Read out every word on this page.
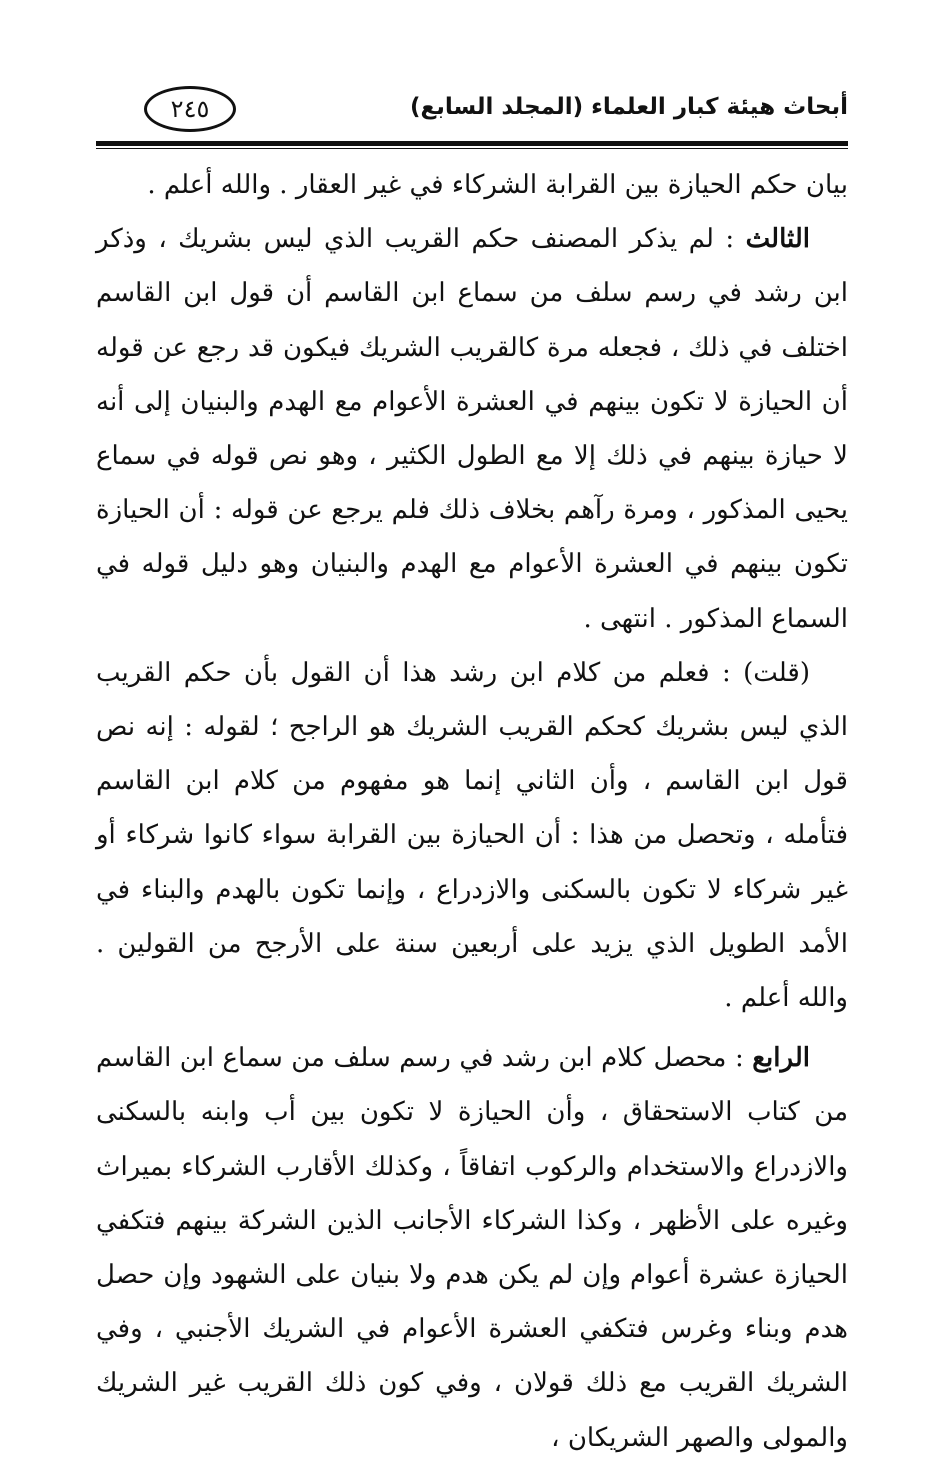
أبحاث هيئة كبار العلماء (المجلد السابع)
٢٤٥

بيان حكم الحيازة بين القرابة الشركاء في غير العقار . والله أعلم .

الثالث : لم يذكر المصنف حكم القريب الذي ليس بشريك ، وذكر ابن رشد في رسم سلف من سماع ابن القاسم أن قول ابن القاسم اختلف في ذلك ، فجعله مرة كالقريب الشريك فيكون قد رجع عن قوله أن الحيازة لا تكون بينهم في العشرة الأعوام مع الهدم والبنيان إلى أنه لا حيازة بينهم في ذلك إلا مع الطول الكثير ، وهو نص قوله في سماع يحيى المذكور ، ومرة رآهم بخلاف ذلك فلم يرجع عن قوله : أن الحيازة تكون بينهم في العشرة الأعوام مع الهدم والبنيان وهو دليل قوله في السماع المذكور . انتهى .

(قلت) : فعلم من كلام ابن رشد هذا أن القول بأن حكم القريب الذي ليس بشريك كحكم القريب الشريك هو الراجح ؛ لقوله : إنه نص قول ابن القاسم ، وأن الثاني إنما هو مفهوم من كلام ابن القاسم فتأمله ، وتحصل من هذا : أن الحيازة بين القرابة سواء كانوا شركاء أو غير شركاء لا تكون بالسكنى والازدراع ، وإنما تكون بالهدم والبناء في الأمد الطويل الذي يزيد على أربعين سنة على الأرجح من القولين . والله أعلم .

الرابع : محصل كلام ابن رشد في رسم سلف من سماع ابن القاسم من كتاب الاستحقاق ، وأن الحيازة لا تكون بين أب وابنه بالسكنى والازدراع والاستخدام والركوب اتفاقاً ، وكذلك الأقارب الشركاء بميراث وغيره على الأظهر ، وكذا الشركاء الأجانب الذين الشركة بينهم فتكفي الحيازة عشرة أعوام وإن لم يكن هدم ولا بنيان على الشهود وإن حصل هدم وبناء وغرس فتكفي العشرة الأعوام في الشريك الأجنبي ، وفي الشريك القريب مع ذلك قولان ، وفي كون ذلك القريب غير الشريك والمولى والصهر الشريكان ،
